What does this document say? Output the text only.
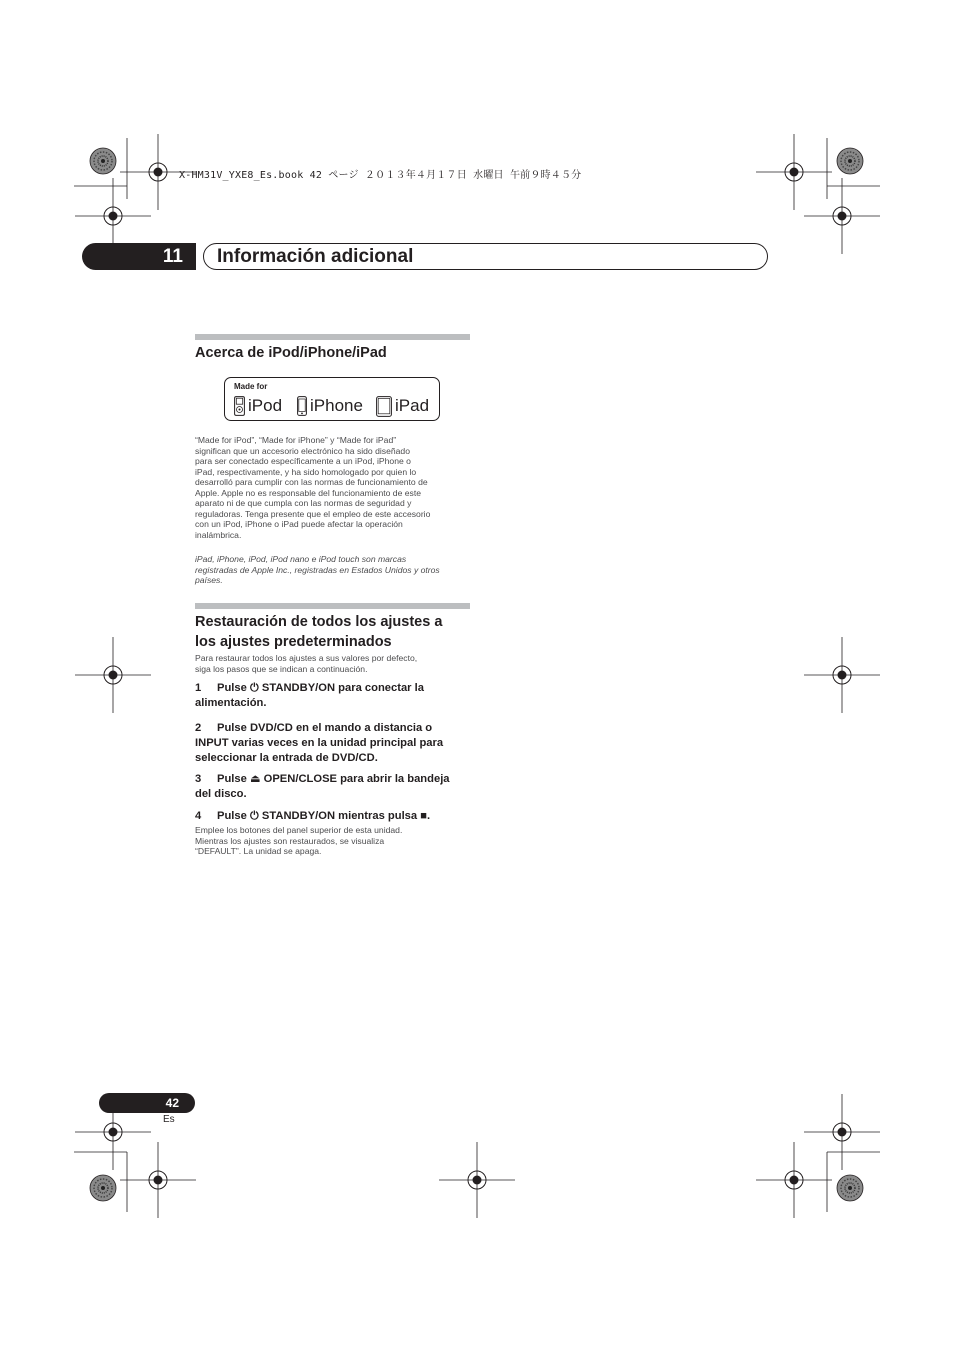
X-HM31V_YXE8_Es.book 42 ページ ２０１３年４月１７日 水曜日 午前９時４５分
11	Información adicional
Acerca de iPod/iPhone/iPad
Made for
iPod iPhone iPad
“Made for iPod”, “Made for iPhone” y “Made for iPad”
significan que un accesorio electrónico ha sido diseñado
para ser conectado específicamente a un iPod, iPhone o
iPad, respectivamente, y ha sido homologado por quien lo
desarrolló para cumplir con las normas de funcionamiento de
Apple. Apple no es responsable del funcionamiento de este
aparato ni de que cumpla con las normas de seguridad y
reguladoras. Tenga presente que el empleo de este accesorio
con un iPod, iPhone o iPad puede afectar la operación
inalámbrica.
iPad, iPhone, iPod, iPod nano e iPod touch son marcas
registradas de Apple Inc., registradas en Estados Unidos y otros
países.
Restauración de todos los ajustes a
los ajustes predeterminados
Para restaurar todos los ajustes a sus valores por defecto,
siga los pasos que se indican a continuación.
1 Pulse ⏻ STANDBY/ON para conectar la
alimentación.
2 Pulse DVD/CD en el mando a distancia o
INPUT varias veces en la unidad principal para
seleccionar la entrada de DVD/CD.
3 Pulse ⏏ OPEN/CLOSE para abrir la bandeja
del disco.
4 Pulse ⏻ STANDBY/ON mientras pulsa ■.
Emplee los botones del panel superior de esta unidad.
Mientras los ajustes son restaurados, se visualiza
“DEFAULT”. La unidad se apaga.
42
Es
